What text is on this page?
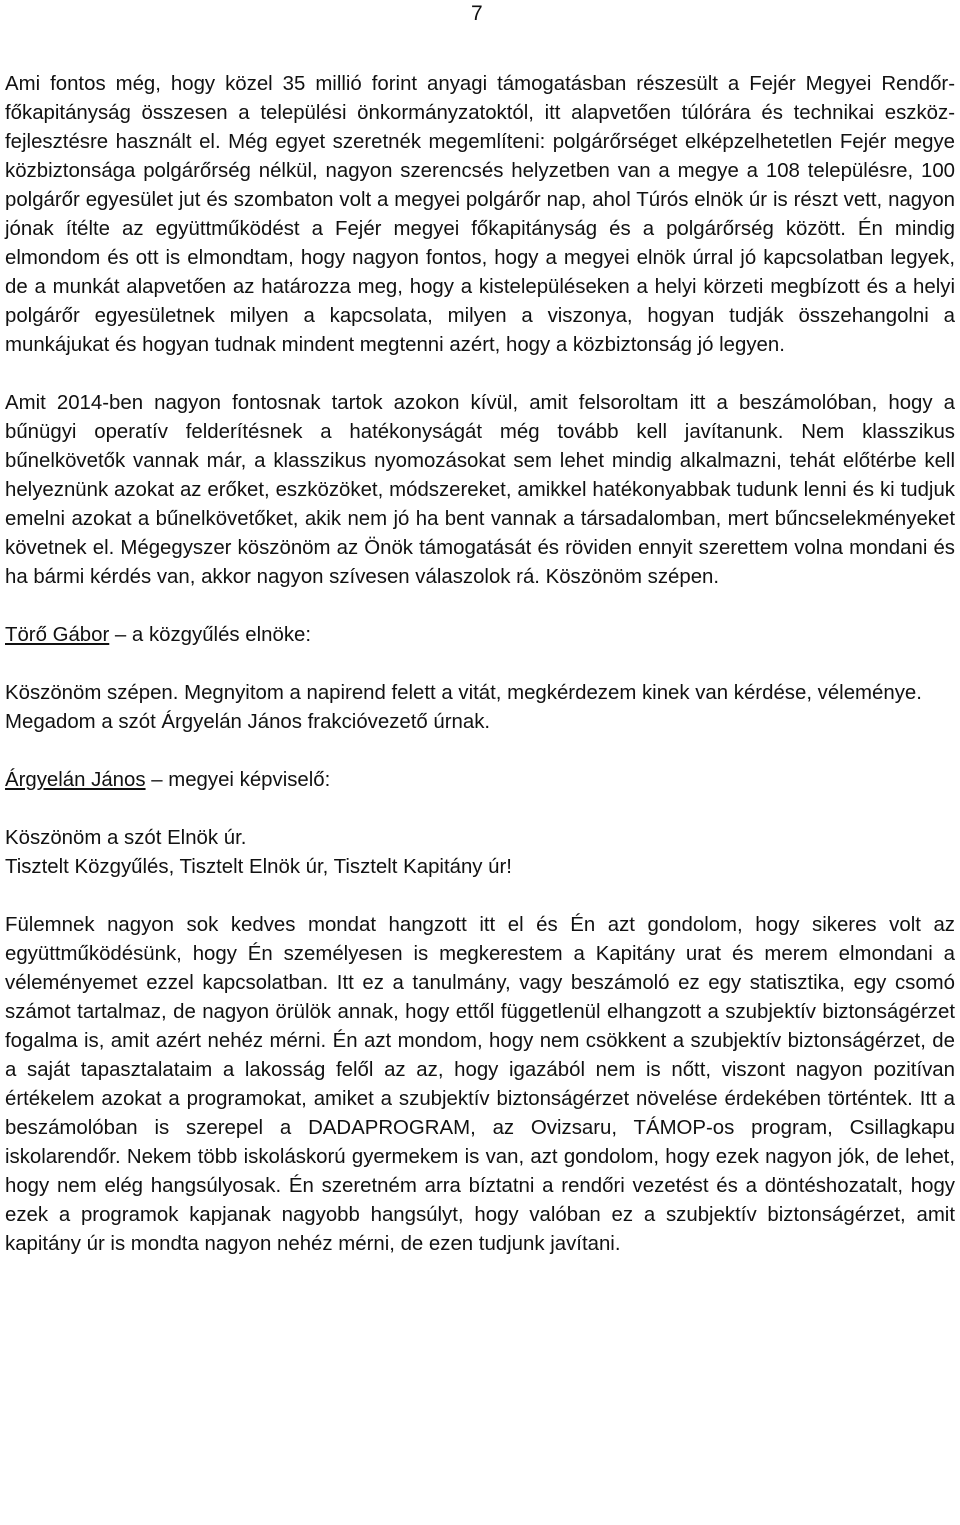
7

Ami fontos még, hogy közel 35 millió forint anyagi támogatásban részesült a Fejér Megyei Rendőr-főkapitányság összesen a települési önkormányzatoktól, itt alapvetően túlórára és technikai eszköz-fejlesztésre használt el. Még egyet szeretnék megemlíteni: polgárőrséget elképzelhetetlen Fejér megye közbiztonsága polgárőrség nélkül, nagyon szerencsés helyzetben van a megye a 108 településre, 100 polgárőr egyesület jut és szombaton volt a megyei polgárőr nap, ahol Túrós elnök úr is részt vett, nagyon jónak ítélte az együttműködést a Fejér megyei főkapitányság és a polgárőrség között. Én mindig elmondom és ott is elmondtam, hogy nagyon fontos, hogy a megyei elnök úrral jó kapcsolatban legyek, de a munkát alapvetően az határozza meg, hogy a kistelepüléseken a helyi körzeti megbízott és a helyi polgárőr egyesületnek milyen a kapcsolata, milyen a viszonya, hogyan tudják összehangolni a munkájukat és hogyan tudnak mindent megtenni azért, hogy a közbiztonság jó legyen.

Amit 2014-ben nagyon fontosnak tartok azokon kívül, amit felsoroltam itt a beszámolóban, hogy a bűnügyi operatív felderítésnek a hatékonyságát még tovább kell javítanunk. Nem klasszikus bűnelkövetők vannak már, a klasszikus nyomozásokat sem lehet mindig alkalmazni, tehát előtérbe kell helyeznünk azokat az erőket, eszközöket, módszereket, amikkel hatékonyabbak tudunk lenni és ki tudjuk emelni azokat a bűnelkövetőket, akik nem jó ha bent vannak a társadalomban, mert bűncselekményeket követnek el. Mégegyszer köszönöm az Önök támogatását és röviden ennyit szerettem volna mondani és ha bármi kérdés van, akkor nagyon szívesen válaszolok rá. Köszönöm szépen.

Törő Gábor – a közgyűlés elnöke:

Köszönöm szépen. Megnyitom a napirend felett a vitát, megkérdezem kinek van kérdése, véleménye.

Megadom a szót Árgyelán János frakcióvezető úrnak.

Árgyelán János – megyei képviselő:

Köszönöm a szót Elnök úr.

Tisztelt Közgyűlés, Tisztelt Elnök úr, Tisztelt Kapitány úr!

Fülemnek nagyon sok kedves mondat hangzott itt el és Én azt gondolom, hogy sikeres volt az együttműködésünk, hogy Én személyesen is megkerestem a Kapitány urat és merem elmondani a véleményemet ezzel kapcsolatban. Itt ez a tanulmány, vagy beszámoló ez egy statisztika, egy csomó számot tartalmaz, de nagyon örülök annak, hogy ettől függetlenül elhangzott a szubjektív biztonságérzet fogalma is, amit azért nehéz mérni. Én azt mondom, hogy nem csökkent a szubjektív biztonságérzet, de a saját tapasztalataim a lakosság felől az az, hogy igazából nem is nőtt, viszont nagyon pozitívan értékelem azokat a programokat, amiket a szubjektív biztonságérzet növelése érdekében történtek. Itt a beszámolóban is szerepel a DADAPROGRAM, az Ovizsaru, TÁMOP-os program, Csillagkapu iskolarendőr. Nekem több iskoláskorú gyermekem is van, azt gondolom, hogy ezek nagyon jók, de lehet, hogy nem elég hangsúlyosak. Én szeretném arra bíztatni a rendőri vezetést és a döntéshozatalt, hogy ezek a programok kapjanak nagyobb hangsúlyt, hogy valóban ez a szubjektív biztonságérzet, amit kapitány úr is mondta nagyon nehéz mérni, de ezen tudjunk javítani.
